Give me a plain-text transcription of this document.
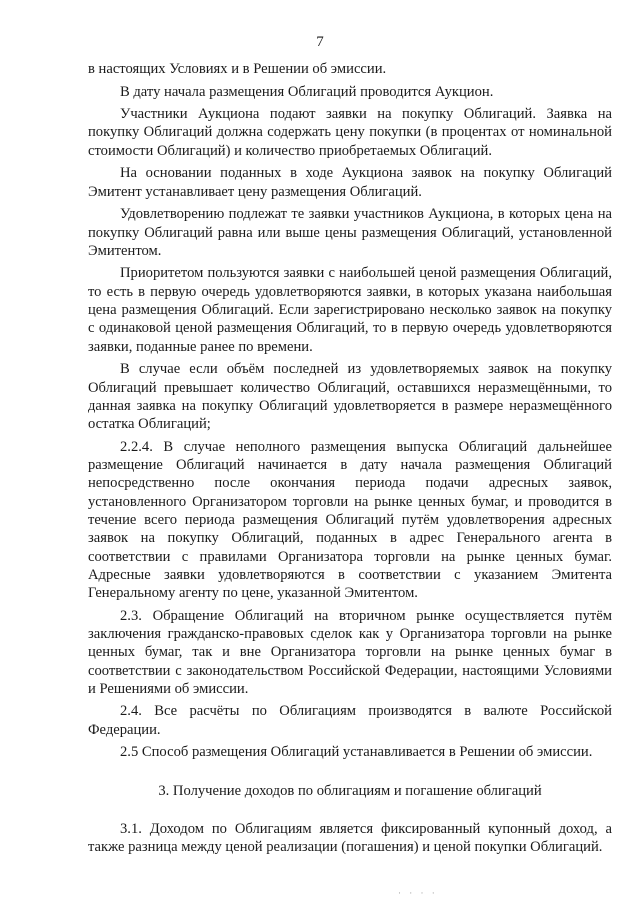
7

в настоящих Условиях и в Решении об эмиссии.

В дату начала размещения Облигаций проводится Аукцион.

Участники Аукциона подают заявки на покупку Облигаций. Заявка на покупку Облигаций должна содержать цену покупки (в процентах от номинальной стоимости Облигаций) и количество приобретаемых Облигаций.

На основании поданных в ходе Аукциона заявок на покупку Облигаций Эмитент устанавливает цену размещения Облигаций.

Удовлетворению подлежат те заявки участников Аукциона, в которых цена на покупку Облигаций равна или выше цены размещения Облигаций, установленной Эмитентом.

Приоритетом пользуются заявки с наибольшей ценой размещения Облигаций, то есть в первую очередь удовлетворяются заявки, в которых указана наибольшая цена размещения Облигаций. Если зарегистрировано несколько заявок на покупку с одинаковой ценой размещения Облигаций, то в первую очередь удовлетворяются заявки, поданные ранее по времени.

В случае если объём последней из удовлетворяемых заявок на покупку Облигаций превышает количество Облигаций, оставшихся неразмещёнными, то данная заявка на покупку Облигаций удовлетворяется в размере неразмещённого остатка Облигаций;

2.2.4. В случае неполного размещения выпуска Облигаций дальнейшее размещение Облигаций начинается в дату начала размещения Облигаций непосредственно после окончания периода подачи адресных заявок, установленного Организатором торговли на рынке ценных бумаг, и проводится в течение всего периода размещения Облигаций путём удовлетворения адресных заявок на покупку Облигаций, поданных в адрес Генерального агента в соответствии с правилами Организатора торговли на рынке ценных бумаг. Адресные заявки удовлетворяются в соответствии с указанием Эмитента Генеральному агенту по цене, указанной Эмитентом.

2.3. Обращение Облигаций на вторичном рынке осуществляется путём заключения гражданско-правовых сделок как у Организатора торговли на рынке ценных бумаг, так и вне Организатора торговли на рынке ценных бумаг в соответствии с законодательством Российской Федерации, настоящими Условиями и Решениями об эмиссии.

2.4. Все расчёты по Облигациям производятся в валюте Российской Федерации.

2.5 Способ размещения Облигаций устанавливается в Решении об эмиссии.

3. Получение доходов по облигациям и погашение облигаций

3.1. Доходом по Облигациям является фиксированный купонный доход, а также разница между ценой реализации (погашения) и ценой покупки Облигаций.

· · · ·
